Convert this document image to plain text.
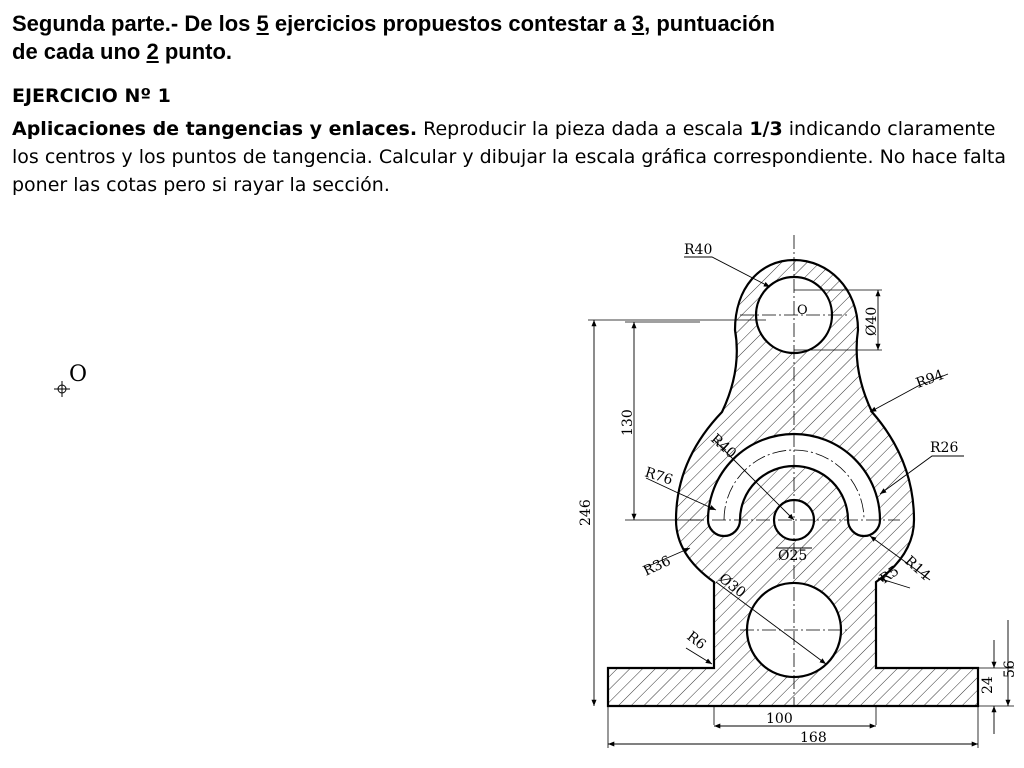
Segunda parte.- De los 5 ejercicios propuestos contestar a 3, puntuación
de cada uno 2 punto.
EJERCICIO Nº 1
Aplicaciones de tangencias y enlaces. Reproducir la pieza dada a escala 1/3 indicando claramente los centros y los puntos de tangencia. Calcular y dibujar la escala gráfica correspondiente. No hace falta poner las cotas pero si rayar la sección.
O
R40
O	Ø40
R94
130
R40	R26
R76
246
Ø25
R36	R14
R5
Ø30
R6
56
24
100
168
